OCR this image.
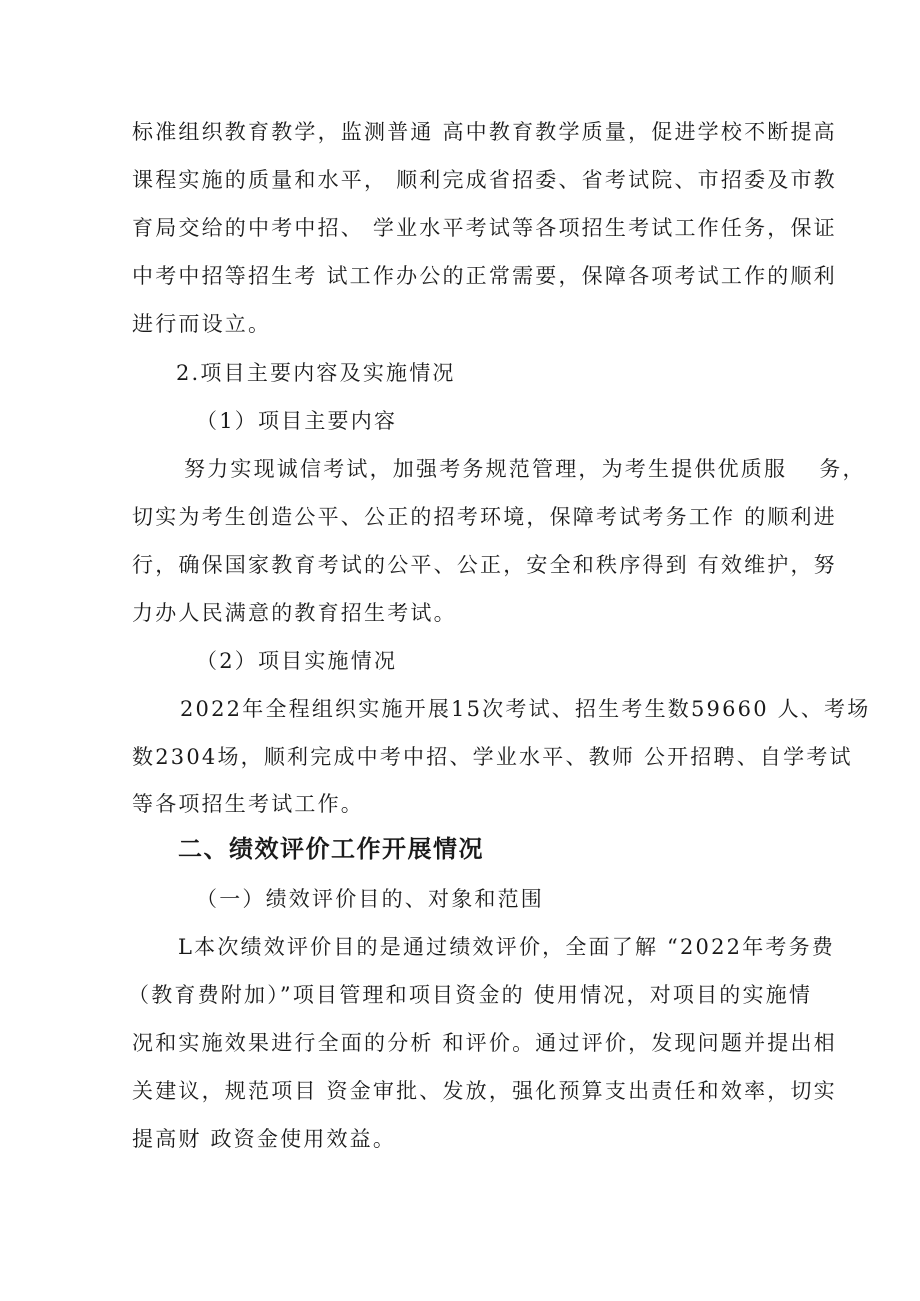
标准组织教育教学，监测普通 高中教育教学质量，促进学校不断提高
课程实施的质量和水平， 顺利完成省招委、省考试院、市招委及市教
育局交给的中考中招、 学业水平考试等各项招生考试工作任务，保证
中考中招等招生考 试工作办公的正常需要，保障各项考试工作的顺利
进行而设立。
2.项目主要内容及实施情况
（1）项目主要内容
努力实现诚信考试，加强考务规范管理，为考生提供优质服　 务，
切实为考生创造公平、公正的招考环境，保障考试考务工作 的顺利进
行，确保国家教育考试的公平、公正，安全和秩序得到 有效维护，努
力办人民满意的教育招生考试。
（2）项目实施情况
2022年全程组织实施开展15次考试、招生考生数59660 人、考场
数2304场，顺利完成中考中招、学业水平、教师 公开招聘、自学考试
等各项招生考试工作。
二、绩效评价工作开展情况
（一）绩效评价目的、对象和范围
L本次绩效评价目的是通过绩效评价，全面了解 “2022年考务费
（教育费附加）”项目管理和项目资金的 使用情况，对项目的实施情
况和实施效果进行全面的分析 和评价。通过评价，发现问题并提出相
关建议，规范项目 资金审批、发放，强化预算支出责任和效率，切实
提高财 政资金使用效益。
